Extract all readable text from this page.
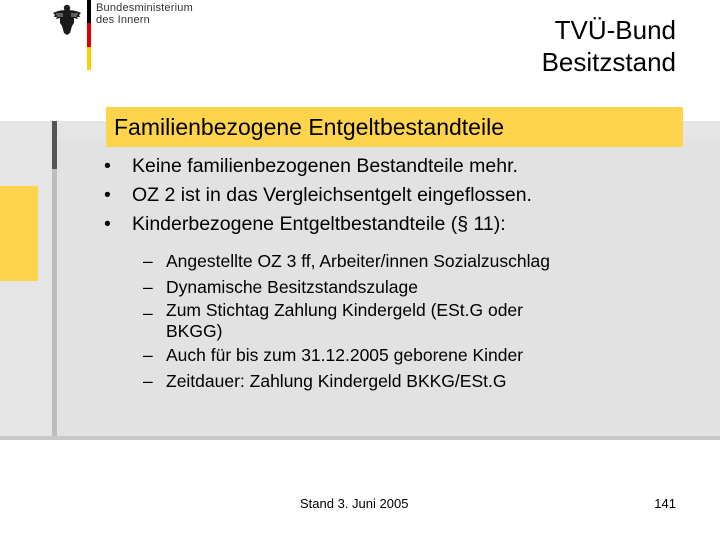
Bundesministerium
des Innern	TVÜ-Bund
Besitzstand
Familienbezogene Entgeltbestandteile
• Keine familienbezogenen Bestandteile mehr.
• OZ 2 ist in das Vergleichsentgelt eingeflossen.
• Kinderbezogene Entgeltbestandteile (§ 11):
– Angestellte OZ 3 ff, Arbeiter/innen Sozialzuschlag
– Dynamische Besitzstandszulage
– Zum Stichtag Zahlung Kindergeld (ESt.G oder
BKGG)
– Auch für bis zum 31.12.2005 geborene Kinder
– Zeitdauer: Zahlung Kindergeld BKKG/ESt.G
Stand 3. Juni 2005	141
